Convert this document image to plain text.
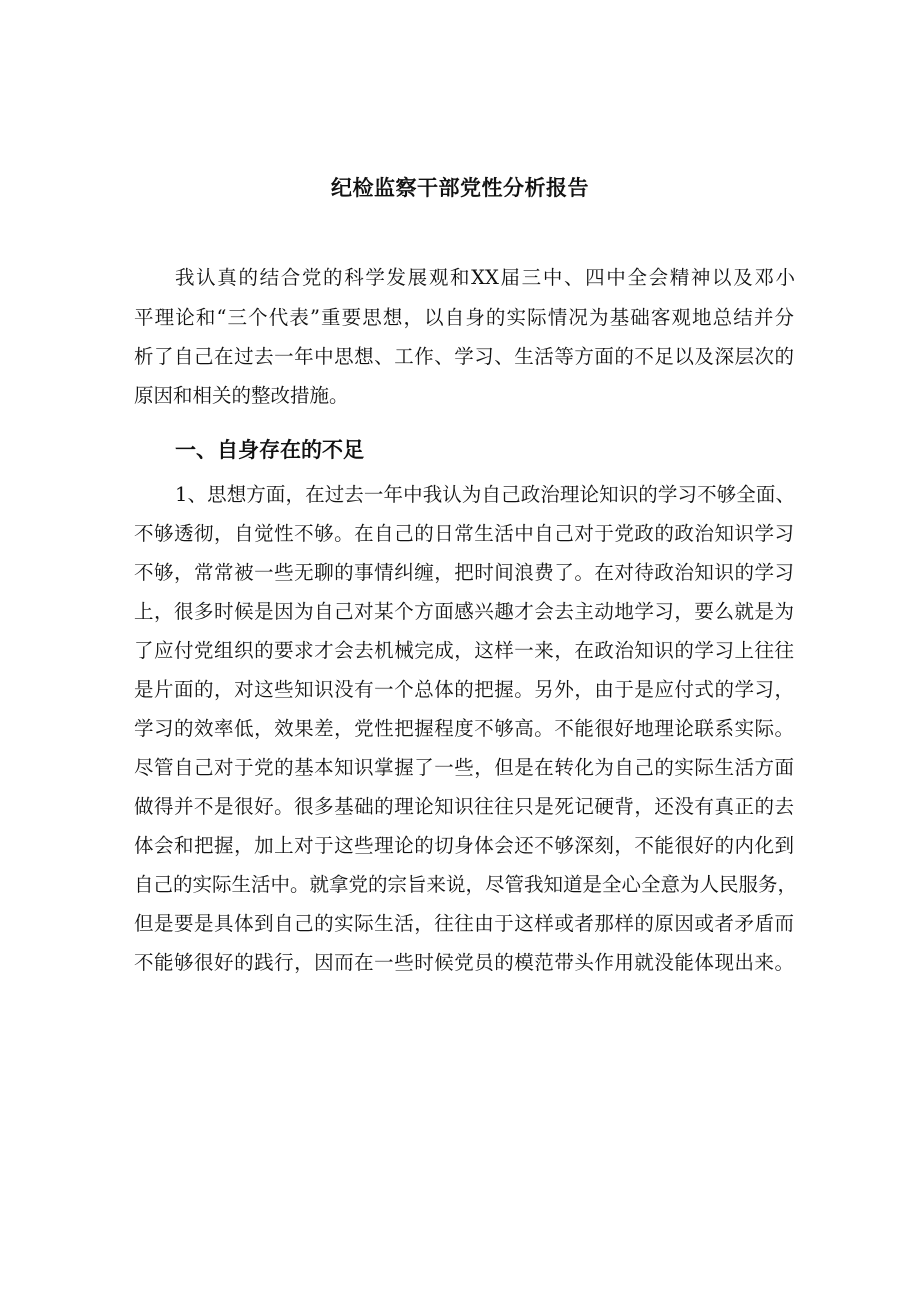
纪检监察干部党性分析报告

我认真的结合党的科学发展观和XX届三中、四中全会精神以及邓小

平理论和“三个代表”重要思想，以自身的实际情况为基础客观地总结并分

析了自己在过去一年中思想、工作、学习、生活等方面的不足以及深层次的

原因和相关的整改措施。

一、自身存在的不足

1、思想方面，在过去一年中我认为自己政治理论知识的学习不够全面、

不够透彻，自觉性不够。在自己的日常生活中自己对于党政的政治知识学习

不够，常常被一些无聊的事情纠缠，把时间浪费了。在对待政治知识的学习

上，很多时候是因为自己对某个方面感兴趣才会去主动地学习，要么就是为

了应付党组织的要求才会去机械完成，这样一来，在政治知识的学习上往往

是片面的，对这些知识没有一个总体的把握。另外，由于是应付式的学习，

学习的效率低，效果差，党性把握程度不够高。不能很好地理论联系实际。

尽管自己对于党的基本知识掌握了一些，但是在转化为自己的实际生活方面

做得并不是很好。很多基础的理论知识往往只是死记硬背，还没有真正的去

体会和把握，加上对于这些理论的切身体会还不够深刻，不能很好的内化到

自己的实际生活中。就拿党的宗旨来说，尽管我知道是全心全意为人民服务，

但是要是具体到自己的实际生活，往往由于这样或者那样的原因或者矛盾而

不能够很好的践行，因而在一些时候党员的模范带头作用就没能体现出来。
